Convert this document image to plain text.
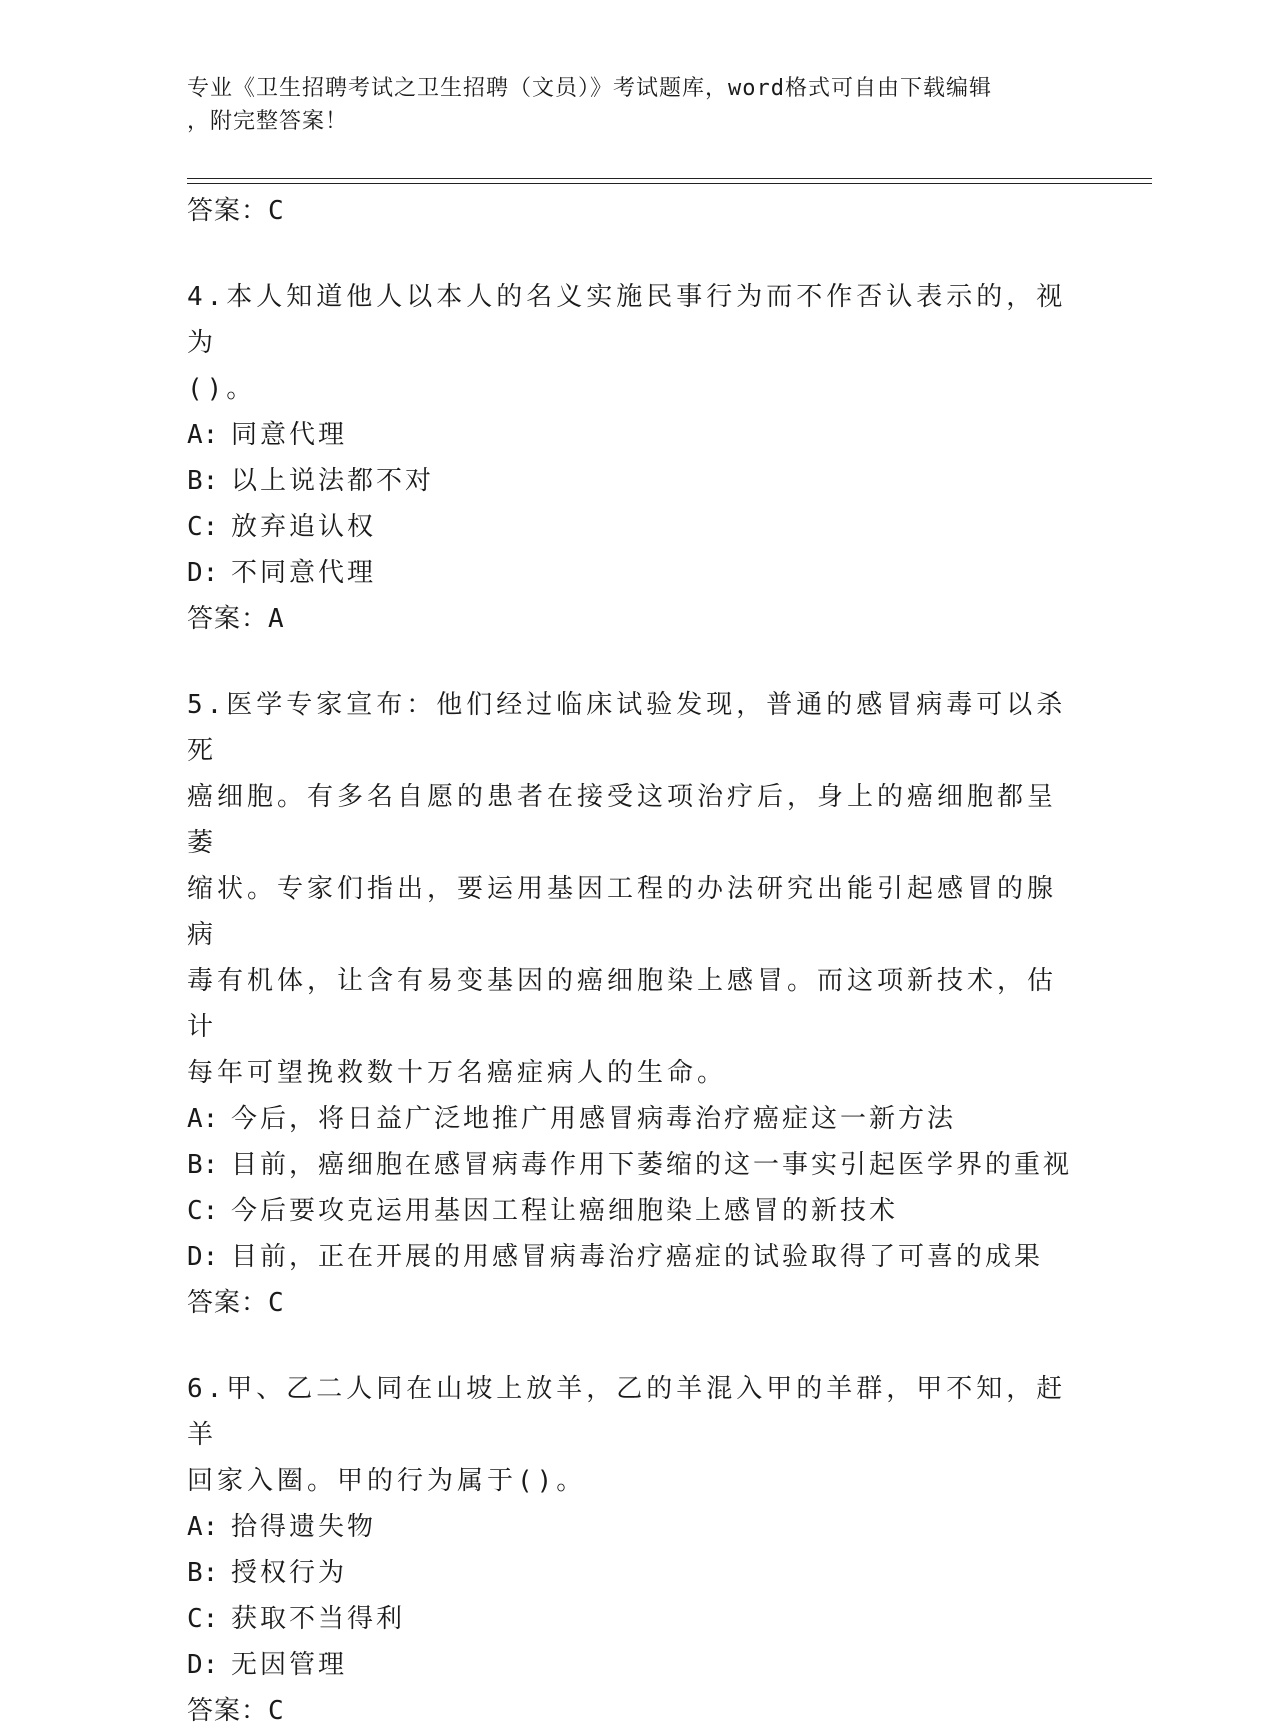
专业《卫生招聘考试之卫生招聘（文员）》考试题库，word格式可自由下载编辑
，附完整答案！
答案：C
4.本人知道他人以本人的名义实施民事行为而不作否认表示的，视为
()。
A: 同意代理
B: 以上说法都不对
C: 放弃追认权
D: 不同意代理
答案：A
5.医学专家宣布：他们经过临床试验发现，普通的感冒病毒可以杀死
癌细胞。有多名自愿的患者在接受这项治疗后，身上的癌细胞都呈萎
缩状。专家们指出，要运用基因工程的办法研究出能引起感冒的腺病
毒有机体，让含有易变基因的癌细胞染上感冒。而这项新技术，估计
每年可望挽救数十万名癌症病人的生命。
A: 今后，将日益广泛地推广用感冒病毒治疗癌症这一新方法
B: 目前，癌细胞在感冒病毒作用下萎缩的这一事实引起医学界的重视
C: 今后要攻克运用基因工程让癌细胞染上感冒的新技术
D: 目前，正在开展的用感冒病毒治疗癌症的试验取得了可喜的成果
答案：C
6.甲、乙二人同在山坡上放羊，乙的羊混入甲的羊群，甲不知，赶羊
回家入圈。甲的行为属于()。
A: 拾得遗失物
B: 授权行为
C: 获取不当得利
D: 无因管理
答案：C
